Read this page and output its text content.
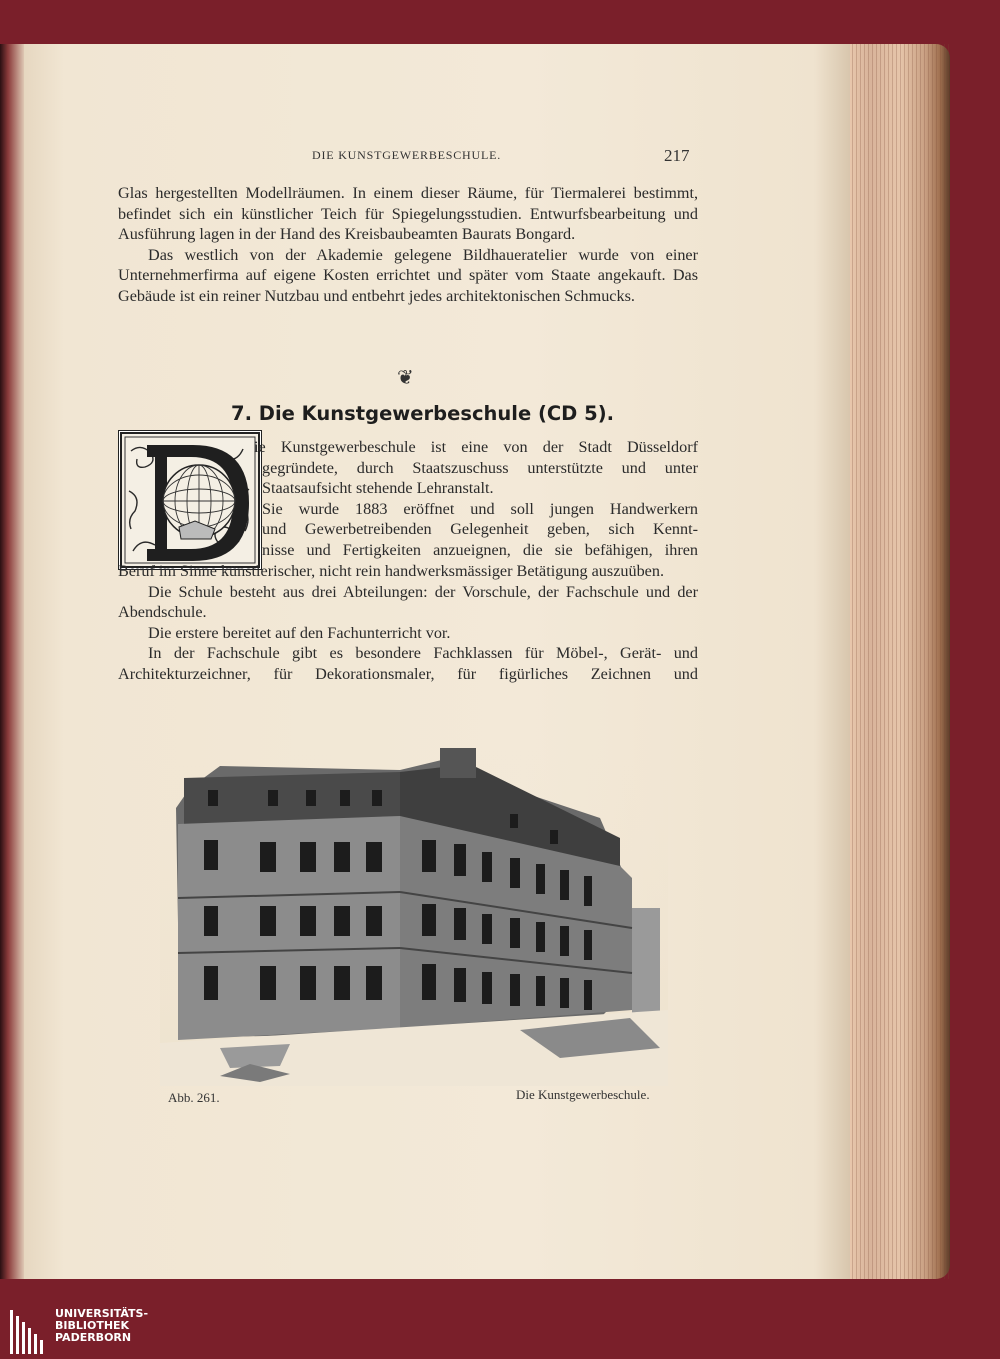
DIE KUNSTGEWERBESCHULE.	217

Glas hergestellten Modellräumen. In einem dieser Räume, für Tiermalerei bestimmt, befindet sich ein künstlicher Teich für Spiegelungsstudien. Entwurfsbearbeitung und Ausführung lagen in der Hand des Kreisbaubeamten Baurats Bongard.

Das westlich von der Akademie gelegene Bildhaueratelier wurde von einer Unternehmerfirma auf eigene Kosten errichtet und später vom Staate angekauft. Das Gebäude ist ein reiner Nutzbau und entbehrt jedes architektonischen Schmucks.

❦
7. Die Kunstgewerbeschule (CD 5).

ie Kunstgewerbeschule ist eine von der Stadt Düsseldorf

gegründete, durch Staatszuschuss unterstützte und unter

Staatsaufsicht stehende Lehranstalt.

Sie wurde 1883 eröffnet und soll jungen Handwerkern

und Gewerbetreibenden Gelegenheit geben, sich Kennt-

nisse und Fertigkeiten anzueignen, die sie befähigen, ihren

Beruf im Sinne künstlerischer, nicht rein handwerksmässiger Betätigung auszuüben.

Die Schule besteht aus drei Abteilungen: der Vorschule, der Fachschule und der Abendschule.

Die erstere bereitet auf den Fachunterricht vor.

In der Fachschule gibt es besondere Fachklassen für Möbel-, Gerät- und Architekturzeichner, für Dekorationsmaler, für figürliches Zeichnen und

Abb. 261.	Die Kunstgewerbeschule.
UNIVERSITÄTS-
BIBLIOTHEK
PADERBORN
